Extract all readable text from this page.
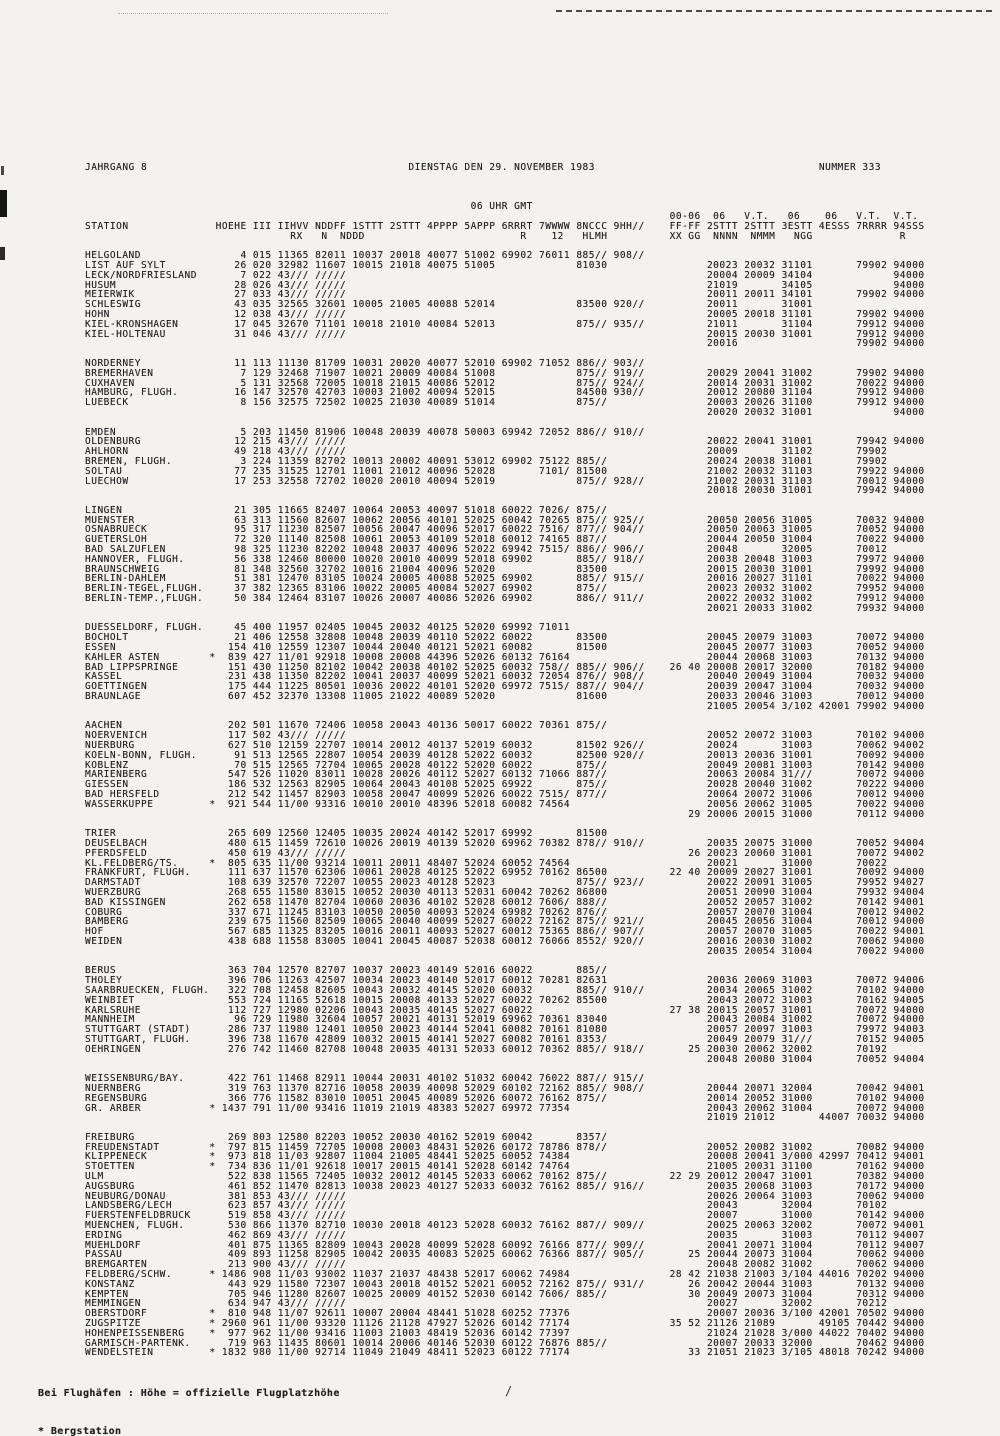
/
JAHRGANG 8                                          DIENSTAG DEN 29. NOVEMBER 1983                                    NUMMER 333

06 UHR GMT
00-06  06   V.T.   06    06   V.T.  V.T.
STATION              HOEHE III IIHVV NDDFF 1STTT 2STTT 4PPPP 5APPP 6RRRT 7WWWW 8NCCC 9HH//    FF-FF 2STTT 2STTT 3ESTT 4ESSS 7RRRR 94SSS
RX   N  NDDD                         R    12   HLMH          XX GG  NNNN  NMMM   NGG              R

HELGOLAND                4 015 11365 82011 10037 20018 40077 51002 69902 76011 885// 908//
LIST AUF SYLT           26 020 32982 11607 10015 21018 40075 51005             81030                20023 20032 31101       79902 94000
LECK/NORDFRIESLAND       7 022 43/// /////                                                          20004 20009 34104             94000
HUSUM                   28 026 43/// /////                                                          21019       34105             94000
MEIERWIK                27 033 43/// /////                                                          20011 20011 34101       79902 94000
SCHLESWIG               43 035 32565 32601 10005 21005 40088 52014             83500 920//          20011       31001
HOHN                    12 038 43/// /////                                                          20005 20018 31101       79902 94000
KIEL-KRONSHAGEN         17 045 32670 71101 10018 21010 40084 52013             875// 935//          21011       31104       79912 94000
KIEL-HOLTENAU           31 046 43/// /////                                                          20015 20030 31001       79912 94000
20016                   79902 94000

NORDERNEY               11 113 11130 81709 10031 20020 40077 52010 69902 71052 886// 903//
BREMERHAVEN              7 129 32468 71907 10021 20009 40084 51008             875// 919//          20029 20041 31002       79902 94000
CUXHAVEN                 5 131 32568 72005 10018 21015 40086 52012             875// 924//          20014 20031 31002       70022 94000
HAMBURG, FLUGH.         16 147 32570 42703 10003 21002 40094 52015             84500 930//          20012 20080 31104       79912 94000
LUEBECK                  8 156 32575 72502 10025 21030 40089 51014             875//                20003 20026 31100       79912 94000
20020 20032 31001             94000

EMDEN                    5 203 11450 81906 10048 20039 40078 50003 69942 72052 886// 910//
OLDENBURG               12 215 43/// /////                                                          20022 20041 31001       79942 94000
AHLHORN                 49 218 43/// /////                                                          20009       31102       79902
BREMEN, FLUGH.           3 224 11359 82702 10013 20002 40091 53012 69902 75122 885//                20024 20038 31001       79902
SOLTAU                  77 235 31525 12701 11001 21012 40096 52028       7101/ 81500                21002 20032 31103       79922 94000
LUECHOW                 17 253 32558 72702 10020 20010 40094 52019             875// 928//          21002 20031 31103       70012 94000
20018 20030 31001       79942 94000

LINGEN                  21 305 11665 82407 10064 20053 40097 51018 60022 7026/ 875//
MUENSTER                63 313 11560 82607 10062 20056 40101 52025 60042 70265 875// 925//          20050 20056 31005       70032 94000
OSNABRUECK              95 317 11230 82507 10056 20047 40096 52017 60022 7516/ 877// 904//          20050 20063 31005       70052 94000
GUETERSLOH              72 320 11140 82508 10061 20053 40109 52018 60012 74165 887//                20044 20050 31004       70022 94000
BAD SALZUFLEN           98 325 11230 82202 10048 20037 40096 52022 69942 7515/ 886// 906//          20048       32005       70012
HANNOVER, FLUGH.        56 338 12460 80000 10020 20010 40099 52018 69902       885// 918//          20038 20048 31003       79972 94000
BRAUNSCHWEIG            81 348 32560 32702 10016 21004 40096 52020             83500                20015 20030 31001       79992 94000
BERLIN-DAHLEM           51 381 12470 83105 10024 20005 40088 52025 69902       885// 915//          20016 20027 31101       70022 94000
BERLIN-TEGEL,FLUGH.     37 382 12365 83106 10022 20005 40084 52027 69902       875//                20023 20032 31002       79952 94000
BERLIN-TEMP.,FLUGH.     50 384 12464 83107 10026 20007 40086 52026 69902       886// 911//          20022 20032 31002       79912 94000
20021 20033 31002       79932 94000

DUESSELDORF, FLUGH.     45 400 11957 02405 10045 20032 40125 52020 69992 71011
BOCHOLT                 21 406 12558 32808 10048 20039 40110 52022 60022       83500                20045 20079 31003       70072 94000
ESSEN                  154 410 12559 12307 10044 20040 40121 52021 60082       81500                20045 20077 31003       70052 94000
KAHLER ASTEN        *  839 427 11/01 92918 10008 20008 44396 52026 60132 76164                      20044 20068 31003       70132 94000
BAD LIPPSPRINGE        151 430 11250 82102 10042 20038 40102 52025 60032 758// 885// 906//    26 40 20008 20017 32000       70182 94000
KASSEL                 231 438 11350 82202 10041 20037 40099 52021 60032 72054 876// 908//          20040 20049 31004       70032 94000
GOETTINGEN             175 444 11225 80501 10036 20022 40101 52020 69972 7515/ 887// 904//          20039 20047 31004       70032 94000
BRAUNLAGE              607 452 32370 13308 11005 21022 40089 52020             81600                20033 20046 31003       70012 94000
21005 20054 3/102 42001 79902 94000

AACHEN                 202 501 11670 72406 10058 20043 40136 50017 60022 70361 875//
NOERVENICH             117 502 43/// /////                                                          20052 20072 31003       70102 94000
NUERBURG               627 510 12159 22707 10014 20012 40137 52019 60032       81502 926//          20024       31003       70062 94002
KOELN-BONN, FLUGH.      91 513 12565 22807 10054 20039 40128 52022 60032       82500 920//          20013 20036 31001       70092 94000
KOBLENZ                 70 515 12565 72704 10065 20028 40122 52020 60022       875//                20049 20081 31003       70142 94000
MARIENBERG             547 526 11020 83011 10028 20026 40112 52027 60132 71066 887//                20063 20084 31///       70072 94000
GIESSEN                186 532 12563 82905 10064 20043 40108 52025 69922       875//                20028 20040 31002       70222 94000
BAD HERSFELD           212 542 11457 82903 10058 20047 40099 52026 60022 7515/ 877//                20064 20072 31006       70012 94000
WASSERKUPPE         *  921 544 11/00 93316 10010 20010 48396 52018 60082 74564                      20056 20062 31005       70022 94000
29 20006 20015 31000       70112 94000

TRIER                  265 609 12560 12405 10035 20024 40142 52017 69992       81500
DEUSELBACH             480 615 11459 72610 10026 20019 40139 52020 69962 70382 878// 910//          20035 20075 31000       70052 94004
PFERDSFELD             450 619 43/// /////                                                       26 20023 20060 31001       70072 94002
KL.FELDBERG/TS.     *  805 635 11/00 93214 10011 20011 48407 52024 60052 74564                      20021       31000       70022
FRANKFURT, FLUGH.      111 637 11570 62306 10061 20028 40125 52022 69952 70162 86500          22 40 20009 20027 31001       70092 94000
DARMSTADT              108 639 32570 72207 10055 20023 40128 52023             875// 923//          20022 20091 31005       79952 94027
WUERZBURG              268 655 11580 83015 10052 20030 40113 52031 60042 70262 86800                20051 20090 31004       79932 94004
BAD KISSINGEN          262 658 11470 82704 10060 20036 40102 52028 60012 7606/ 888//                20052 20057 31002       70142 94001
COBURG                 337 671 11245 83103 10050 20050 40093 52024 69982 70262 876//                20057 20070 31004       70012 94002
BAMBERG                239 675 11560 82509 10065 20040 40099 52027 60022 72162 875// 921//          20045 20056 31004       70012 94000
HOF                    567 685 11325 83205 10016 20011 40093 52027 60012 75365 886// 907//          20057 20070 31005       70022 94001
WEIDEN                 438 688 11558 83005 10041 20045 40087 52038 60012 76066 8552/ 920//          20016 20030 31002       70062 94000
20035 20054 31004       70022 94000

BERUS                  363 704 12570 82707 10037 20023 40149 52016 60022       885//
THOLEY                 396 706 11263 42507 10034 20023 40140 52017 60012 70281 82631                20036 20069 31003       70072 94006
SAARBRUECKEN, FLUGH.   322 708 12458 82605 10043 20032 40145 52020 60032       885// 910//          20034 20065 31002       70102 94000
WEINBIET               553 724 11165 52618 10015 20008 40133 52027 60022 70262 85500                20043 20072 31003       70162 94005
KARLSRUHE              112 727 12980 02206 10043 20035 40145 52027 60022                      27 38 20015 20057 31001       70072 94000
MANNHEIM                96 729 11980 32604 10057 20021 40131 52019 69962 70361 83040                20043 20084 31002       70072 94000
STUTTGART (STADT)      286 737 11980 12401 10050 20023 40144 52041 60082 70161 81080                20057 20097 31003       79972 94003
STUTTGART, FLUGH.      396 738 11670 42809 10032 20015 40141 52027 60082 70161 8353/                20049 20079 31///       70152 94005
OEHRINGEN              276 742 11460 82708 10048 20035 40131 52033 60012 70362 885// 918//       25 20030 20062 32002       70192
20048 20080 31004       70052 94004

WEISSENBURG/BAY.       422 761 11468 82911 10044 20031 40102 51032 60042 76022 887// 915//
NUERNBERG              319 763 11370 82716 10058 20039 40098 52029 60102 72162 885// 908//          20044 20071 32004       70042 94001
REGENSBURG             366 776 11582 83010 10051 20045 40089 52026 60072 76162 875//                20014 20052 31000       70102 94000
GR. ARBER           * 1437 791 11/00 93416 11019 21019 48383 52027 69972 77354                      20043 20062 31004       70072 94000
21019 21012       44007 70032 94000

FREIBURG               269 803 12580 82203 10052 20030 40162 52019 60042       8357/
FREUDENSTADT        *  797 815 11459 72705 10008 20003 48431 52026 60172 78786 878//                20052 20082 31002       70082 94000
KLIPPENECK          *  973 818 11/03 92807 11004 21005 48441 52025 60052 74384                      20008 20041 3/000 42997 70412 94001
STOETTEN            *  734 836 11/01 92618 10017 20015 40141 52028 60142 74764                      21005 20031 31100       70162 94000
ULM                    522 838 11565 72405 10032 20012 40145 52033 60062 70162 875//          22 29 20012 20047 31001       70382 94000
AUGSBURG               461 852 11470 82813 10038 20023 40127 52033 60032 76162 885// 916//          20035 20068 31003       70172 94000
NEUBURG/DONAU          381 853 43/// /////                                                          20026 20064 31003       70062 94000
LANDSBERG/LECH         623 857 43/// /////                                                          20043       32004       70102
FUERSTENFELDBRUCK      519 858 43/// /////                                                          20007       31000       70142 94000
MUENCHEN, FLUGH.       530 866 11370 82710 10030 20018 40123 52028 60032 76162 887// 909//          20025 20063 32002       70072 94001
ERDING                 462 869 43/// /////                                                          20035       31003       70112 94007
MUEHLDORF              401 875 11365 82809 10043 20028 40099 52028 60092 76166 877// 909//          20041 20071 31004       70112 94007
PASSAU                 409 893 11258 82905 10042 20035 40083 52025 60062 76366 887// 905//       25 20044 20073 31004       70062 94000
BREMGARTEN             213 900 43/// /////                                                          20048 20082 31002       70062 94000
FELDBERG/SCHW.      * 1486 908 11/03 93002 11037 21037 48438 52017 60062 74984                28 42 21038 21003 3/104 44016 70202 94000
KONSTANZ               443 929 11580 72307 10043 20018 40152 52021 60052 72162 875// 931//       26 20042 20044 31003       70132 94000
KEMPTEN                705 946 11280 82607 10025 20009 40152 52030 60142 7606/ 885//             30 20049 20073 31004       70312 94000
MEMMINGEN              634 947 43/// /////                                                          20027       32002       70212
OBERSTDORF          *  810 948 11/07 92611 10007 20004 48441 51028 60252 77376                      20007 20036 3/100 42001 70502 94000
ZUGSPITZE           * 2960 961 11/00 93320 11126 21128 47927 52026 60142 77174                35 52 21126 21089       49105 70442 94000
HOHENPEISSENBERG    *  977 962 11/00 93416 11003 21003 48419 52036 60142 77397                      21024 21028 3/000 44022 70402 94000
GARMISCH-PARTENK.      719 963 11435 80601 10014 20006 40146 52030 60122 76876 885//                20007 20033 32000       70462 94000
WENDELSTEIN         * 1832 980 11/00 92714 11049 21049 48411 52023 60122 77174                   33 21051 21023 3/105 48018 70242 94000

Bei Flughäfen : Höhe = offizielle Flugplatzhöhe

* Bergstation
